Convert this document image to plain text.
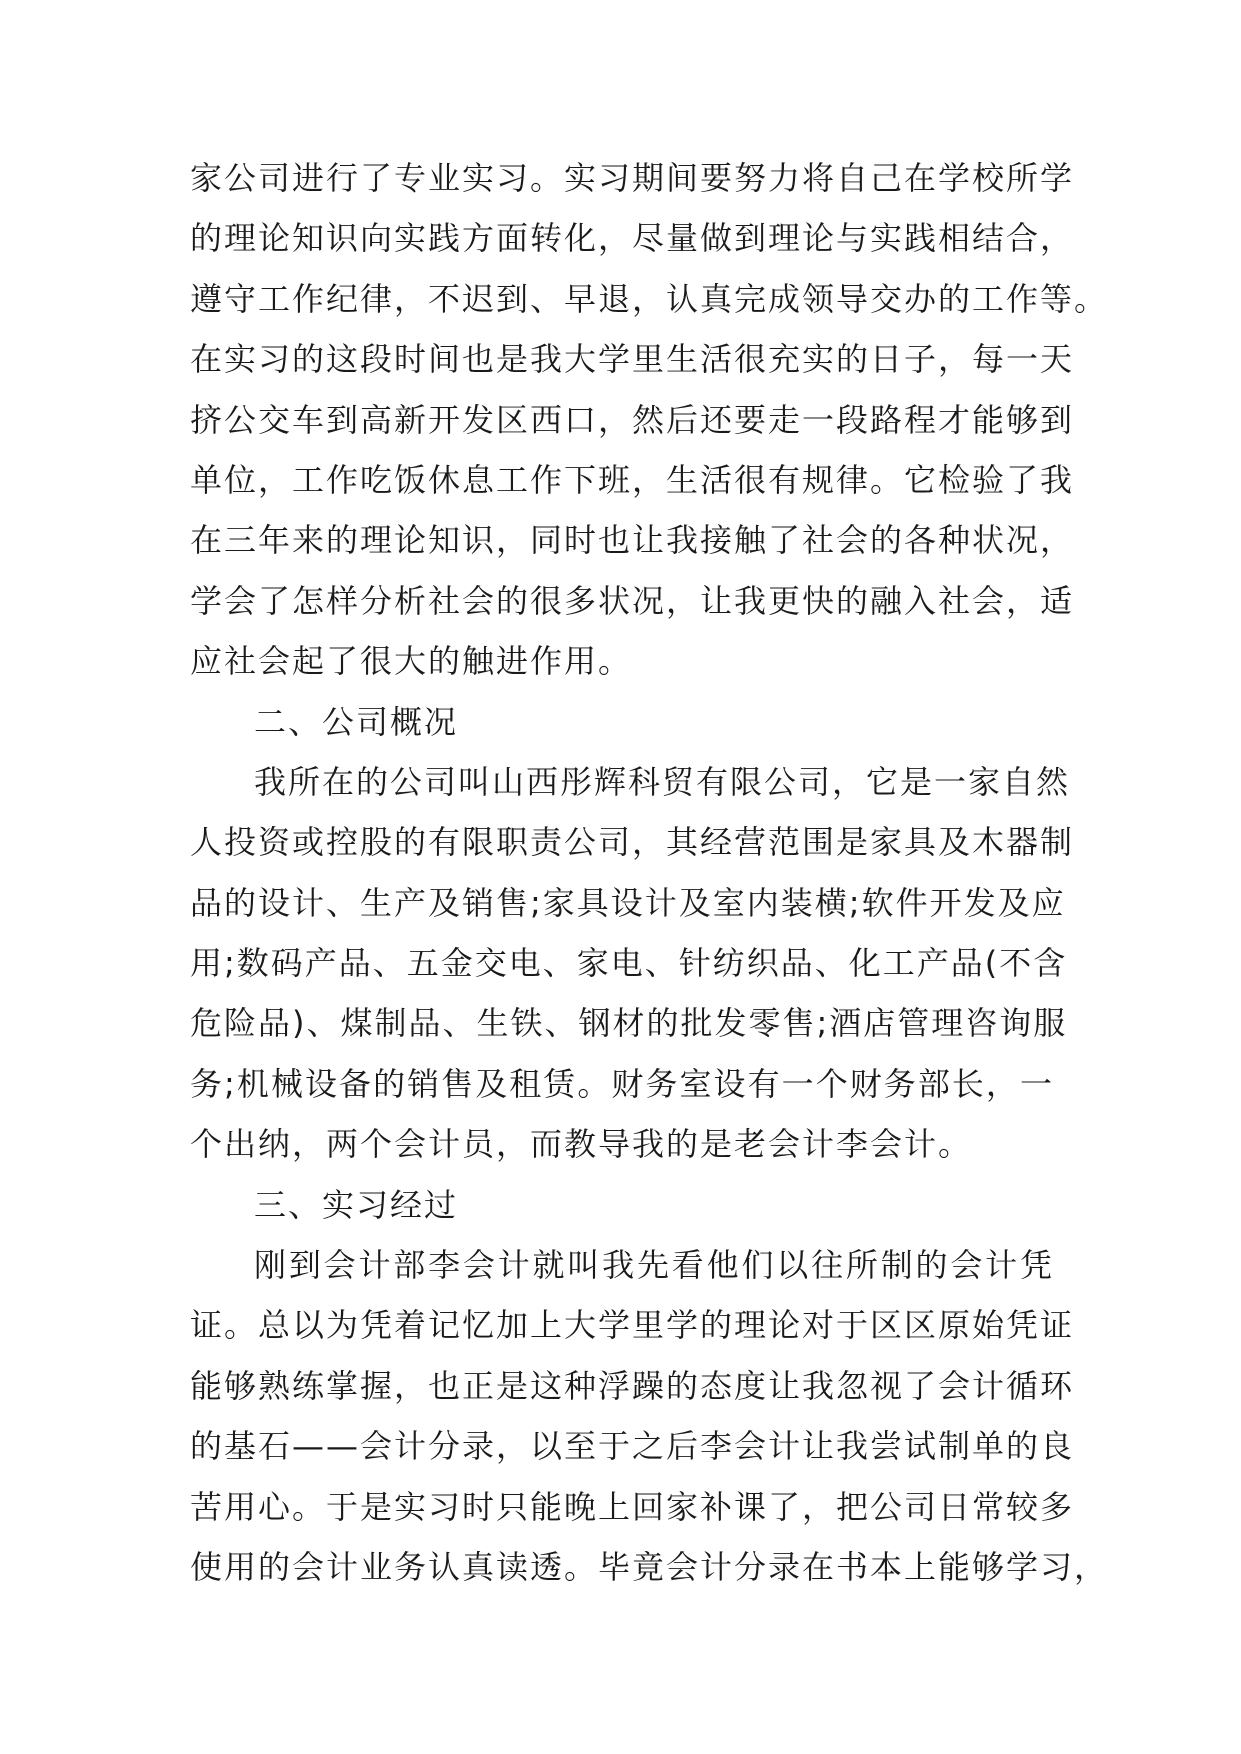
家公司进行了专业实习。实习期间要努力将自己在学校所学
的理论知识向实践方面转化，尽量做到理论与实践相结合，
遵守工作纪律，不迟到、早退，认真完成领导交办的工作等。
在实习的这段时间也是我大学里生活很充实的日子，每一天
挤公交车到高新开发区西口，然后还要走一段路程才能够到
单位，工作吃饭休息工作下班，生活很有规律。它检验了我
在三年来的理论知识，同时也让我接触了社会的各种状况，
学会了怎样分析社会的很多状况，让我更快的融入社会，适
应社会起了很大的触进作用。
二、公司概况
我所在的公司叫山西彤辉科贸有限公司，它是一家自然
人投资或控股的有限职责公司，其经营范围是家具及木器制
品的设计、生产及销售;家具设计及室内装横;软件开发及应
用;数码产品、五金交电、家电、针纺织品、化工产品(不含
危险品)、煤制品、生铁、钢材的批发零售;酒店管理咨询服
务;机械设备的销售及租赁。财务室设有一个财务部长，一
个出纳，两个会计员，而教导我的是老会计李会计。
三、实习经过
刚到会计部李会计就叫我先看他们以往所制的会计凭
证。总以为凭着记忆加上大学里学的理论对于区区原始凭证
能够熟练掌握，也正是这种浮躁的态度让我忽视了会计循环
的基石——会计分录，以至于之后李会计让我尝试制单的良
苦用心。于是实习时只能晚上回家补课了，把公司日常较多
使用的会计业务认真读透。毕竟会计分录在书本上能够学习，
